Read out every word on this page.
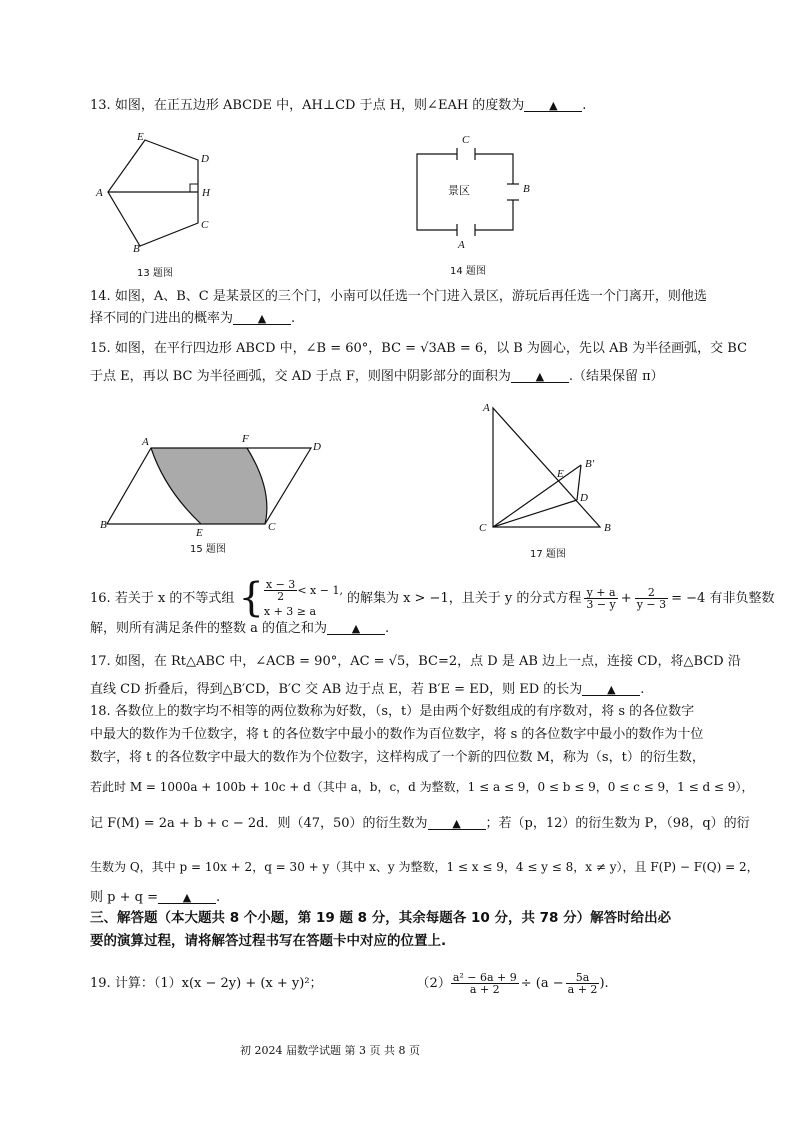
13. 如图，在正五边形 ABCDE 中，AH⊥CD 于点 H，则∠EAH 的度数为 ▲ .
E
D
A	H
C
B
13 题图
C
B
A
景区
14 题图
14. 如图，A、B、C 是某景区的三个门，小南可以任选一个门进入景区，游玩后再任选一个门离开，则他选
择不同的门进出的概率为 ▲ .
15. 如图，在平行四边形 ABCD 中，∠B = 60°，BC = √3AB = 6，以 B 为圆心，先以 AB 为半径画弧，交 BC
于点 E，再以 BC 为半径画弧，交 AD 于点 F，则图中阴影部分的面积为 ▲ .（结果保留 π）
A	F
D
B
E	C
15 题图
A
E
B′
D
C	B
17 题图
16.
若关于 x 的不等式组 { $\frac{x - 3}{2} < x - 1$,
x + 3 ≥ a
的解集为 x > −1，且关于 y 的分式方程 $\frac{y + a}{3 - y} + \frac{2}{y - 3} = -4$
有非负整数
解，则所有满足条件的整数 a 的值之和为 ▲ .
17. 如图，在 Rt△ABC 中，∠ACB = 90°，AC = √5，BC=2，点 D 是 AB 边上一点，连接 CD，将△BCD 沿
直线 CD 折叠后，得到△B′CD，B′C 交 AB 边于点 E，若 B′E = ED，则 ED 的长为 ▲ .
18. 各数位上的数字均不相等的两位数称为好数，（s，t）是由两个好数组成的有序数对，将 s 的各位数字
中最大的数作为千位数字，将 t 的各位数字中最小的数作为百位数字，将 s 的各位数字中最小的数作为十位
数字，将 t 的各位数字中最大的数作为个位数字，这样构成了一个新的四位数 M，称为（s，t）的衍生数，
若此时 M = 1000a + 100b + 10c + d（其中 a，b，c，d 为整数，1 ≤ a ≤ 9，0 ≤ b ≤ 9，0 ≤ c ≤ 9，1 ≤ d ≤ 9），
记 F(M) = 2a + b + c − 2d．则（47，50）的衍生数为 ▲ ；若（p，12）的衍生数为 P，（98，q）的衍
生数为 Q，其中 p = 10x + 2，q = 30 + y（其中 x、y 为整数，1 ≤ x ≤ 9，4 ≤ y ≤ 8，x ≠ y），且 F(P) − F(Q) = 2，
则 p + q = ▲ .
三、解答题（本大题共 8 个小题，第 19 题 8 分，其余每题各 10 分，共 78 分）解答时给出必
要的演算过程，请将解答过程书写在答题卡中对应的位置上.
19.
计算：（1） x(x − 2y) + (x + y)²；	$(2) \frac{\text{a² − 6a + 9}}{a + 2} \div (a - \frac{5a}{a + 2}$ ).
初 2024 届数学试题 第 3 页 共 8 页
